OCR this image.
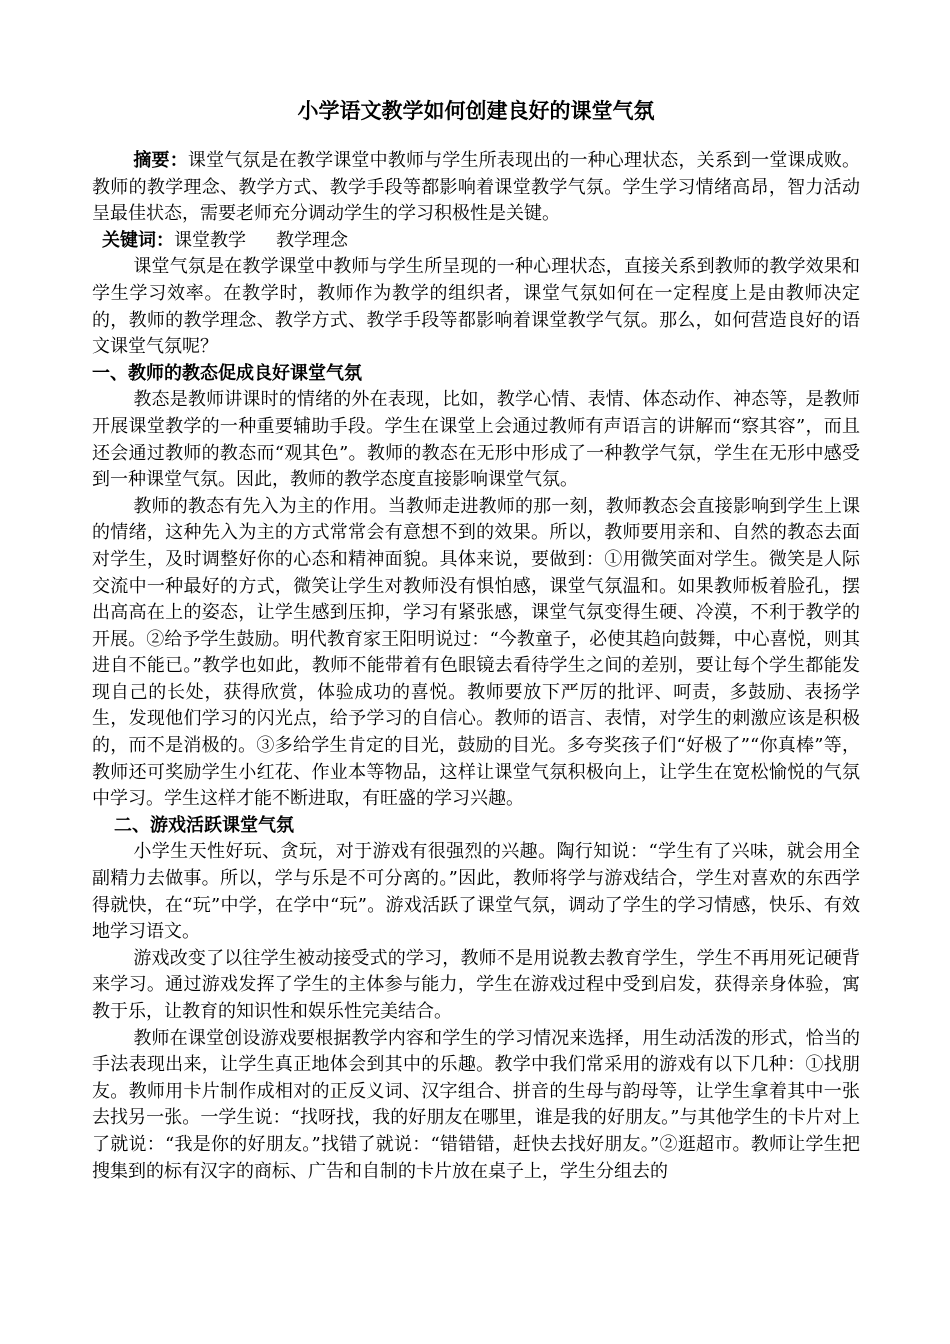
小学语文教学如何创建良好的课堂气氛

摘要：课堂气氛是在教学课堂中教师与学生所表现出的一种心理状态，关系到一堂课成败。教师的教学理念、教学方式、教学手段等都影响着课堂教学气氛。学生学习情绪高昂，智力活动呈最佳状态，需要老师充分调动学生的学习积极性是关键。

关键词：课堂教学 教学理念

课堂气氛是在教学课堂中教师与学生所呈现的一种心理状态，直接关系到教师的教学效果和学生学习效率。在教学时，教师作为教学的组织者，课堂气氛如何在一定程度上是由教师决定的，教师的教学理念、教学方式、教学手段等都影响着课堂教学气氛。那么，如何营造良好的语文课堂气氛呢？

一、教师的教态促成良好课堂气氛

教态是教师讲课时的情绪的外在表现，比如，教学心情、表情、体态动作、神态等，是教师开展课堂教学的一种重要辅助手段。学生在课堂上会通过教师有声语言的讲解而“察其容”，而且还会通过教师的教态而“观其色”。教师的教态在无形中形成了一种教学气氛，学生在无形中感受到一种课堂气氛。因此，教师的教学态度直接影响课堂气氛。

教师的教态有先入为主的作用。当教师走进教师的那一刻，教师教态会直接影响到学生上课的情绪，这种先入为主的方式常常会有意想不到的效果。所以，教师要用亲和、自然的教态去面对学生，及时调整好你的心态和精神面貌。具体来说，要做到：①用微笑面对学生。微笑是人际交流中一种最好的方式，微笑让学生对教师没有惧怕感，课堂气氛温和。如果教师板着脸孔，摆出高高在上的姿态，让学生感到压抑，学习有紧张感，课堂气氛变得生硬、冷漠，不利于教学的开展。②给予学生鼓励。明代教育家王阳明说过：“今教童子，必使其趋向鼓舞，中心喜悦，则其进自不能已。”教学也如此，教师不能带着有色眼镜去看待学生之间的差别，要让每个学生都能发现自己的长处，获得欣赏，体验成功的喜悦。教师要放下严厉的批评、呵责，多鼓励、表扬学生，发现他们学习的闪光点，给予学习的自信心。教师的语言、表情，对学生的刺激应该是积极的，而不是消极的。③多给学生肯定的目光，鼓励的目光。多夸奖孩子们“好极了”“你真棒”等，教师还可奖励学生小红花、作业本等物品，这样让课堂气氛积极向上，让学生在宽松愉悦的气氛中学习。学生这样才能不断进取，有旺盛的学习兴趣。

二、游戏活跃课堂气氛

小学生天性好玩、贪玩，对于游戏有很强烈的兴趣。陶行知说：“学生有了兴味，就会用全副精力去做事。所以，学与乐是不可分离的。”因此，教师将学与游戏结合，学生对喜欢的东西学得就快，在“玩”中学，在学中“玩”。游戏活跃了课堂气氛，调动了学生的学习情感，快乐、有效地学习语文。

游戏改变了以往学生被动接受式的学习，教师不是用说教去教育学生，学生不再用死记硬背来学习。通过游戏发挥了学生的主体参与能力，学生在游戏过程中受到启发，获得亲身体验，寓教于乐，让教育的知识性和娱乐性完美结合。

教师在课堂创设游戏要根据教学内容和学生的学习情况来选择，用生动活泼的形式，恰当的手法表现出来，让学生真正地体会到其中的乐趣。教学中我们常采用的游戏有以下几种：①找朋友。教师用卡片制作成相对的正反义词、汉字组合、拼音的生母与韵母等，让学生拿着其中一张去找另一张。一学生说：“找呀找，我的好朋友在哪里，谁是我的好朋友。”与其他学生的卡片对上了就说：“我是你的好朋友。”找错了就说：“错错错，赶快去找好朋友。”②逛超市。教师让学生把搜集到的标有汉字的商标、广告和自制的卡片放在桌子上，学生分组去的
